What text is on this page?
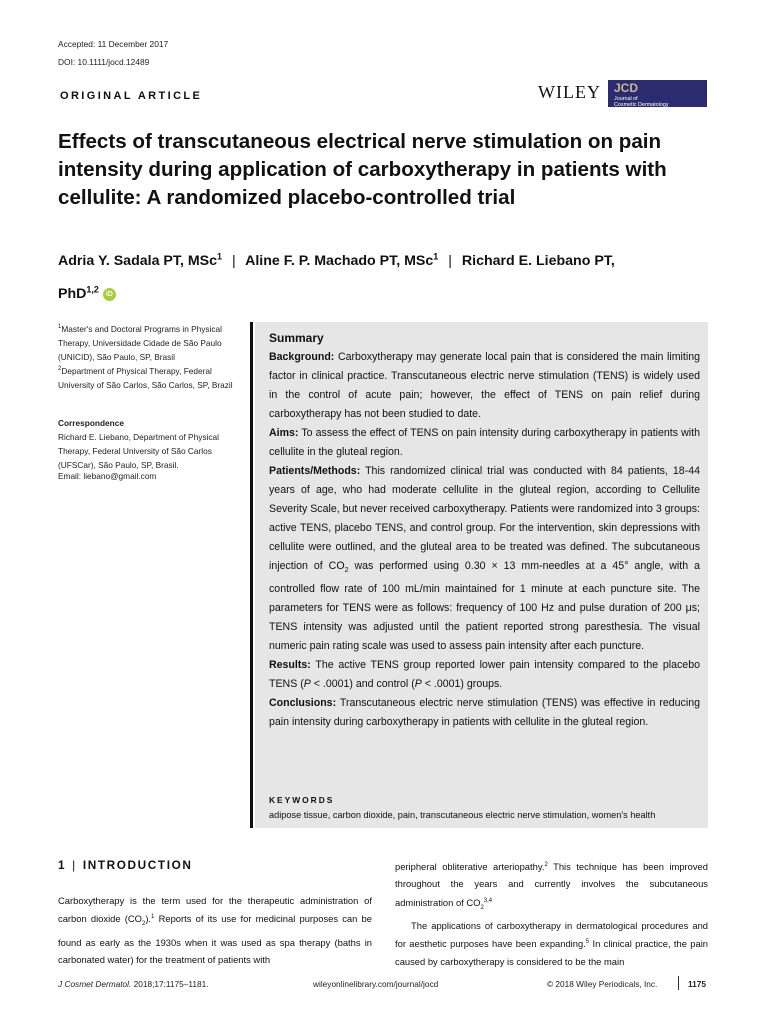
Accepted: 11 December 2017
DOI: 10.1111/jocd.12489
ORIGINAL ARTICLE	WILEY JCD
Journal of
Cosmetic Dermatology
Effects of transcutaneous electrical nerve stimulation on pain intensity during application of carboxytherapy in patients with cellulite: A randomized placebo-controlled trial
Adria Y. Sadala PT, MSc$^1$ | Aline F. P. Machado PT, MSc$^1$ | Richard E. Liebano PT,
PhD$^{1,2}$ iD
$^1$Master's and Doctoral Programs in Physical Therapy, Universidade Cidade de São Paulo (UNICID), São Paulo, SP, Brasil
$^2$Department of Physical Therapy, Federal University of São Carlos, São Carlos, SP, Brazil
Correspondence
Richard E. Liebano, Department of Physical Therapy, Federal University of São Carlos (UFSCar), São Paulo, SP, Brasil.
Email: liebano@gmail.com

Summary

Background: Carboxytherapy may generate local pain that is considered the main limiting factor in clinical practice. Transcutaneous electric nerve stimulation (TENS) is widely used in the control of acute pain; however, the effect of TENS on pain relief during carboxytherapy has not been studied to date.

Aims: To assess the effect of TENS on pain intensity during carboxytherapy in patients with cellulite in the gluteal region.

Patients/Methods: This randomized clinical trial was conducted with 84 patients, 18-44 years of age, who had moderate cellulite in the gluteal region, according to Cellulite Severity Scale, but never received carboxytherapy. Patients were randomized into 3 groups: active TENS, placebo TENS, and control group. For the intervention, skin depressions with cellulite were outlined, and the gluteal area to be treated was defined. The subcutaneous injection of $CO_2$ was performed using 0.30 × 13 mm-needles at a 45° angle, with a controlled flow rate of 100 mL/min maintained for 1 minute at each puncture site. The parameters for TENS were as follows: frequency of 100 Hz and pulse duration of 200 μs; TENS intensity was adjusted until the patient reported strong paresthesia. The visual numeric pain rating scale was used to assess pain intensity after each puncture.

Results: The active TENS group reported lower pain intensity compared to the placebo TENS (P < .0001) and control (P < .0001) groups.

Conclusions: Transcutaneous electric nerve stimulation (TENS) was effective in reducing pain intensity during carboxytherapy in patients with cellulite in the gluteal region.

KEYWORDS
adipose tissue, carbon dioxide, pain, transcutaneous electric nerve stimulation, women's health
1 | INTRODUCTION

Carboxytherapy is the term used for the therapeutic administration of carbon dioxide $(CO_2).^1$ Reports of its use for medicinal purposes can be found as early as the 1930s when it was used as spa therapy (baths in carbonated water) for the treatment of patients with

peripheral obliterative arteriopathy.$^2$ This technique has been improved throughout the years and currently involves the subcutaneous administration of $CO_2^{3,4}$

The applications of carboxytherapy in dermatological procedures and for aesthetic purposes have been expanding.$^5$ In clinical practice, the pain caused by carboxytherapy is considered to be the main

J Cosmet Dermatol. 2018;17:1175–1181.	wileyonlinelibrary.com/journal/jocd	© 2018 Wiley Periodicals, Inc.	1175
